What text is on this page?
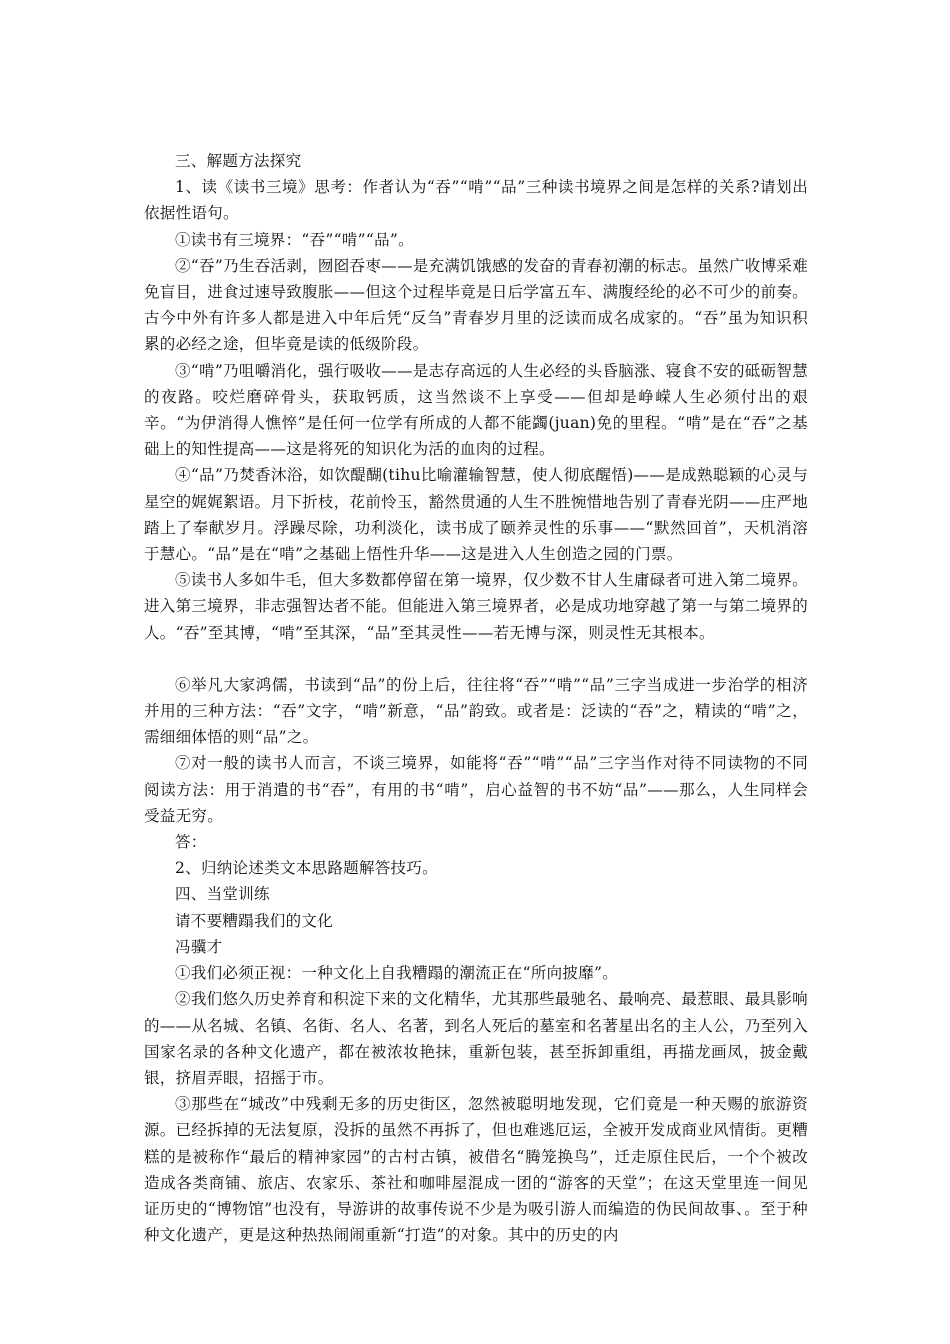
三、解题方法探究

1、读《读书三境》思考：作者认为“吞”“啃”“品”三种读书境界之间是怎样的关系?请划出依据性语句。

①读书有三境界：“吞”“啃”“品”。

②“吞”乃生吞活剥，囫囵吞枣——是充满饥饿感的发奋的青春初潮的标志。虽然广收博采难免盲目，进食过速导致腹胀——但这个过程毕竟是日后学富五车、满腹经纶的必不可少的前奏。古今中外有许多人都是进入中年后凭“反刍”青春岁月里的泛读而成名成家的。“吞”虽为知识积累的必经之途，但毕竟是读的低级阶段。

③“啃”乃咀嚼消化，强行吸收——是志存高远的人生必经的头昏脑涨、寝食不安的砥砺智慧的夜路。咬烂磨碎骨头，获取钙质，这当然谈不上享受——但却是峥嵘人生必须付出的艰辛。“为伊消得人憔悴”是任何一位学有所成的人都不能蠲(juan)免的里程。“啃”是在“吞”之基础上的知性提高——这是将死的知识化为活的血肉的过程。

④“品”乃焚香沐浴，如饮醍醐(tihu比喻灌输智慧，使人彻底醒悟)——是成熟聪颖的心灵与星空的娓娓絮语。月下折枝，花前怜玉，豁然贯通的人生不胜惋惜地告别了青春光阴——庄严地踏上了奉献岁月。浮躁尽除，功利淡化，读书成了颐养灵性的乐事——“默然回首”，天机消溶于慧心。“品”是在“啃”之基础上悟性升华——这是进入人生创造之园的门票。

⑤读书人多如牛毛，但大多数都停留在第一境界，仅少数不甘人生庸碌者可进入第二境界。进入第三境界，非志强智达者不能。但能进入第三境界者，必是成功地穿越了第一与第二境界的人。“吞”至其博，“啃”至其深，“品”至其灵性——若无博与深，则灵性无其根本。

⑥举凡大家鸿儒，书读到“品”的份上后，往往将“吞”“啃”“品”三字当成进一步治学的相济并用的三种方法：“吞”文字，“啃”新意，“品”韵致。或者是：泛读的“吞”之，精读的“啃”之，需细细体悟的则“品”之。

⑦对一般的读书人而言，不谈三境界，如能将“吞”“啃”“品”三字当作对待不同读物的不同阅读方法：用于消遣的书“吞”，有用的书“啃”，启心益智的书不妨“品”——那么，人生同样会受益无穷。

答：

2、归纳论述类文本思路题解答技巧。

四、当堂训练

请不要糟蹋我们的文化

冯骥才

①我们必须正视：一种文化上自我糟蹋的潮流正在“所向披靡”。

②我们悠久历史养育和积淀下来的文化精华，尤其那些最驰名、最响亮、最惹眼、最具影响的——从名城、名镇、名街、名人、名著，到名人死后的墓室和名著星出名的主人公，乃至列入国家名录的各种文化遗产，都在被浓妆艳抹，重新包装，甚至拆卸重组，再描龙画凤，披金戴银，挤眉弄眼，招摇于市。

③那些在“城改”中残剩无多的历史街区，忽然被聪明地发现，它们竟是一种天赐的旅游资源。已经拆掉的无法复原，没拆的虽然不再拆了，但也难逃厄运，全被开发成商业风情街。更糟糕的是被称作“最后的精神家园”的古村古镇，被借名“腾笼换鸟”，迁走原住民后，一个个被改造成各类商铺、旅店、农家乐、茶社和咖啡屋混成一团的“游客的天堂”；在这天堂里连一间见证历史的“博物馆”也没有，导游讲的故事传说不少是为吸引游人而编造的伪民间故事、。至于种种文化遗产，更是这种热热闹闹重新“打造”的对象。其中的历史的内
